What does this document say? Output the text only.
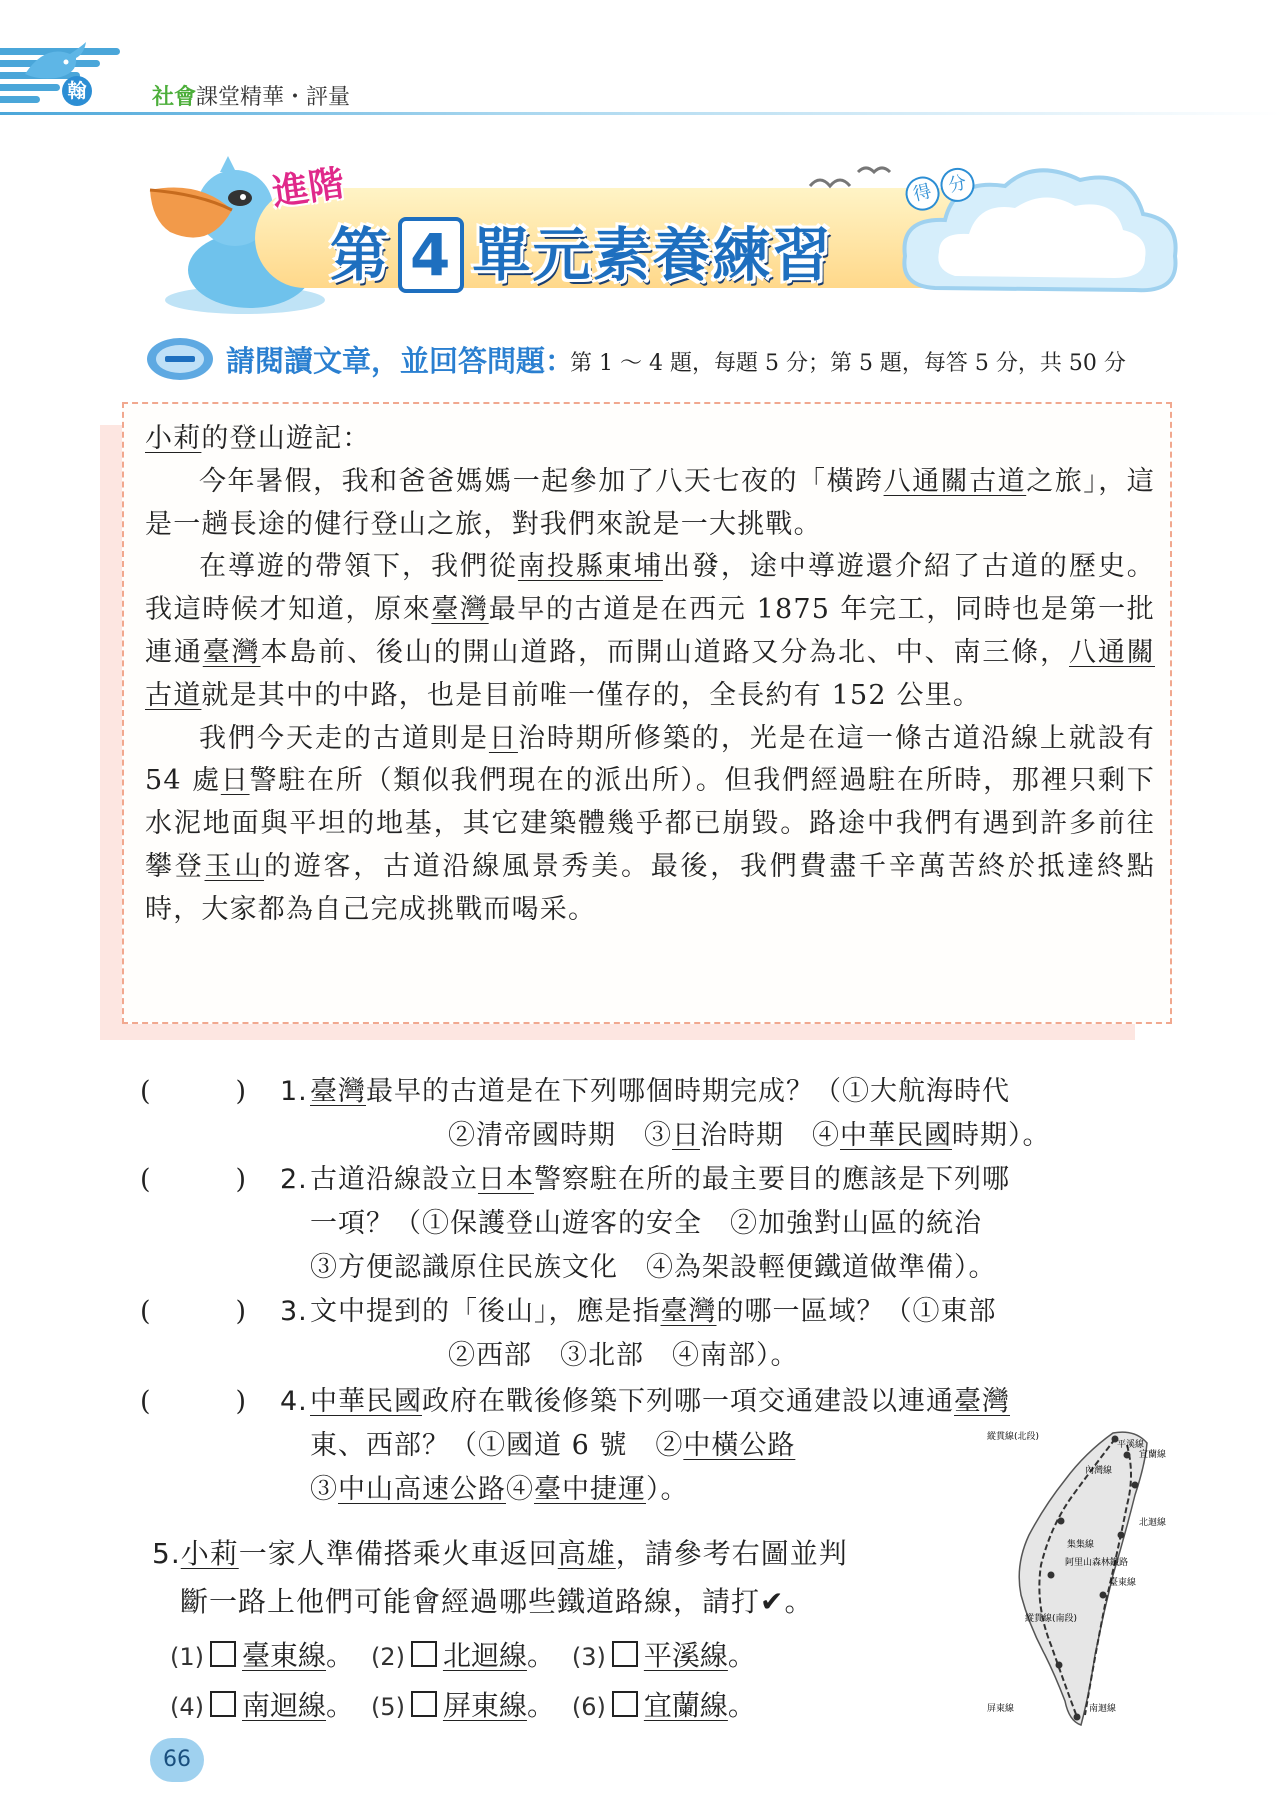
翰	社會課堂精華・評量
進階
第 4 單元素養練習
得 分
請閱讀文章，並回答問題：
第 1 ～ 4 題，每題 5 分；第 5 題，每答 5 分，共 50 分

小莉的登山遊記：

今年暑假，我和爸爸媽媽一起參加了八天七夜的「橫跨八通關古道之旅」，這是一趟長途的健行登山之旅，對我們來說是一大挑戰。

在導遊的帶領下，我們從南投縣東埔出發，途中導遊還介紹了古道的歷史。我這時候才知道，原來臺灣最早的古道是在西元 1875 年完工，同時也是第一批連通臺灣本島前、後山的開山道路，而開山道路又分為北、中、南三條，八通關古道就是其中的中路，也是目前唯一僅存的，全長約有 152 公里。

我們今天走的古道則是日治時期所修築的，光是在這一條古道沿線上就設有 54 處日警駐在所（類似我們現在的派出所）。但我們經過駐在所時，那裡只剩下水泥地面與平坦的地基，其它建築體幾乎都已崩毀。路途中我們有遇到許多前往攀登玉山的遊客，古道沿線風景秀美。最後，我們費盡千辛萬苦終於抵達終點時，大家都為自己完成挑戰而喝采。

(　　　) 1. 臺灣最早的古道是在下列哪個時期完成？（①大航海時代
②清帝國時期　③日治時期　④中華民國時期）。
(　　　) 2. 古道沿線設立日本警察駐在所的最主要目的應該是下列哪
一項？（①保護登山遊客的安全　②加強對山區的統治
③方便認識原住民族文化　④為架設輕便鐵道做準備）。
(　　　) 3. 文中提到的「後山」，應是指臺灣的哪一區域？（①東部
②西部　③北部　④南部）。
(　　　) 4. 中華民國政府在戰後修築下列哪一項交通建設以連通臺灣
東、西部？（①國道 6 號　②中橫公路
③中山高速公路④臺中捷運）。
5.小莉一家人準備搭乘火車返回高雄，請參考右圖並判
斷一路上他們可能會經過哪些鐵道路線，請打✔。
(1) 臺東線。 (2) 北迴線。 (3) 平溪線。
(4) 南迴線。 (5) 屏東線。 (6) 宜蘭線。
縱貫線(北段)
平溪線
宜蘭線
內灣線
北迴線
集集線
阿里山森林鐵路
縱貫線(南段)
臺東線
屏東線	南迴線
66
